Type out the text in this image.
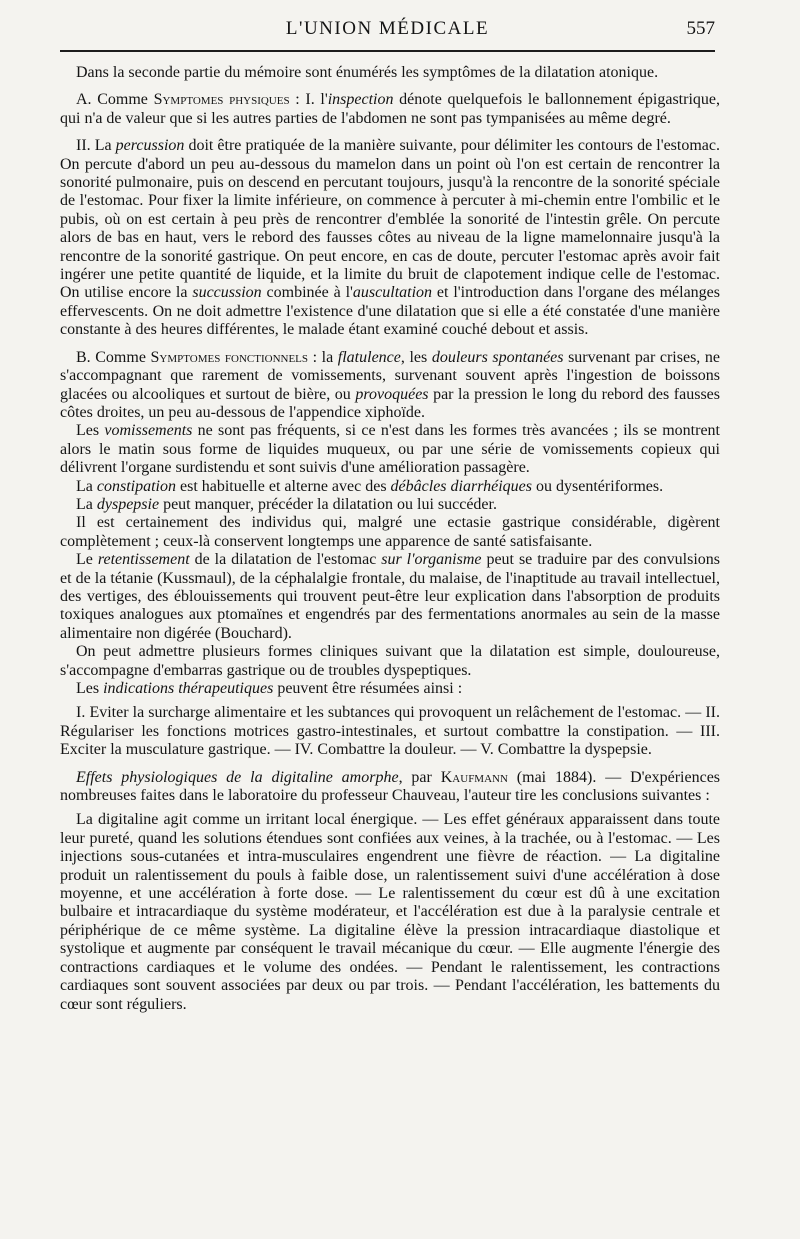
L'UNION MÉDICALE	557

Dans la seconde partie du mémoire sont énumérés les symptômes de la dilatation atonique.

A. Comme Symptomes physiques : I. l'inspection dénote quelquefois le ballonnement épigastrique, qui n'a de valeur que si les autres parties de l'abdomen ne sont pas tympanisées au même degré.

II. La percussion doit être pratiquée de la manière suivante, pour délimiter les contours de l'estomac. On percute d'abord un peu au-dessous du mamelon dans un point où l'on est certain de rencontrer la sonorité pulmonaire, puis on descend en percutant toujours, jusqu'à la rencontre de la sonorité spéciale de l'estomac. Pour fixer la limite inférieure, on commence à percuter à mi-chemin entre l'ombilic et le pubis, où on est certain à peu près de rencontrer d'emblée la sonorité de l'intestin grêle. On percute alors de bas en haut, vers le rebord des fausses côtes au niveau de la ligne mamelonnaire jusqu'à la rencontre de la sonorité gastrique. On peut encore, en cas de doute, percuter l'estomac après avoir fait ingérer une petite quantité de liquide, et la limite du bruit de clapotement indique celle de l'estomac. On utilise encore la succussion combinée à l'auscultation et l'introduction dans l'organe des mélanges effervescents. On ne doit admettre l'existence d'une dilatation que si elle a été constatée d'une manière constante à des heures différentes, le malade étant examiné couché debout et assis.

B. Comme Symptomes fonctionnels : la flatulence, les douleurs spontanées survenant par crises, ne s'accompagnant que rarement de vomissements, survenant souvent après l'ingestion de boissons glacées ou alcooliques et surtout de bière, ou provoquées par la pression le long du rebord des fausses côtes droites, un peu au-dessous de l'appendice xiphoïde.

Les vomissements ne sont pas fréquents, si ce n'est dans les formes très avancées ; ils se montrent alors le matin sous forme de liquides muqueux, ou par une série de vomissements copieux qui délivrent l'organe surdistendu et sont suivis d'une amélioration passagère.

La constipation est habituelle et alterne avec des débâcles diarrhéiques ou dysentériformes.

La dyspepsie peut manquer, précéder la dilatation ou lui succéder.

Il est certainement des individus qui, malgré une ectasie gastrique considérable, digèrent complètement ; ceux-là conservent longtemps une apparence de santé satisfaisante.

Le retentissement de la dilatation de l'estomac sur l'organisme peut se traduire par des convulsions et de la tétanie (Kussmaul), de la céphalalgie frontale, du malaise, de l'inaptitude au travail intellectuel, des vertiges, des éblouissements qui trouvent peut-être leur explication dans l'absorption de produits toxiques analogues aux ptomaïnes et engendrés par des fermentations anormales au sein de la masse alimentaire non digérée (Bouchard).

On peut admettre plusieurs formes cliniques suivant que la dilatation est simple, douloureuse, s'accompagne d'embarras gastrique ou de troubles dyspeptiques.

Les indications thérapeutiques peuvent être résumées ainsi :

I. Eviter la surcharge alimentaire et les subtances qui provoquent un relâchement de l'estomac. — II. Régulariser les fonctions motrices gastro-intestinales, et surtout combattre la constipation. — III. Exciter la musculature gastrique. — IV. Combattre la douleur. — V. Combattre la dyspepsie.

Effets physiologiques de la digitaline amorphe, par Kaufmann (mai 1884). — D'expériences nombreuses faites dans le laboratoire du professeur Chauveau, l'auteur tire les conclusions suivantes :

La digitaline agit comme un irritant local énergique. — Les effet généraux apparaissent dans toute leur pureté, quand les solutions étendues sont confiées aux veines, à la trachée, ou à l'estomac. — Les injections sous-cutanées et intra-musculaires engendrent une fièvre de réaction. — La digitaline produit un ralentissement du pouls à faible dose, un ralentissement suivi d'une accélération à dose moyenne, et une accélération à forte dose. — Le ralentissement du cœur est dû à une excitation bulbaire et intracardiaque du système modérateur, et l'accélération est due à la paralysie centrale et périphérique de ce même système. La digitaline élève la pression intracardiaque diastolique et systolique et augmente par conséquent le travail mécanique du cœur. — Elle augmente l'énergie des contractions cardiaques et le volume des ondées. — Pendant le ralentissement, les contractions cardiaques sont souvent associées par deux ou par trois. — Pendant l'accélération, les battements du cœur sont réguliers.
